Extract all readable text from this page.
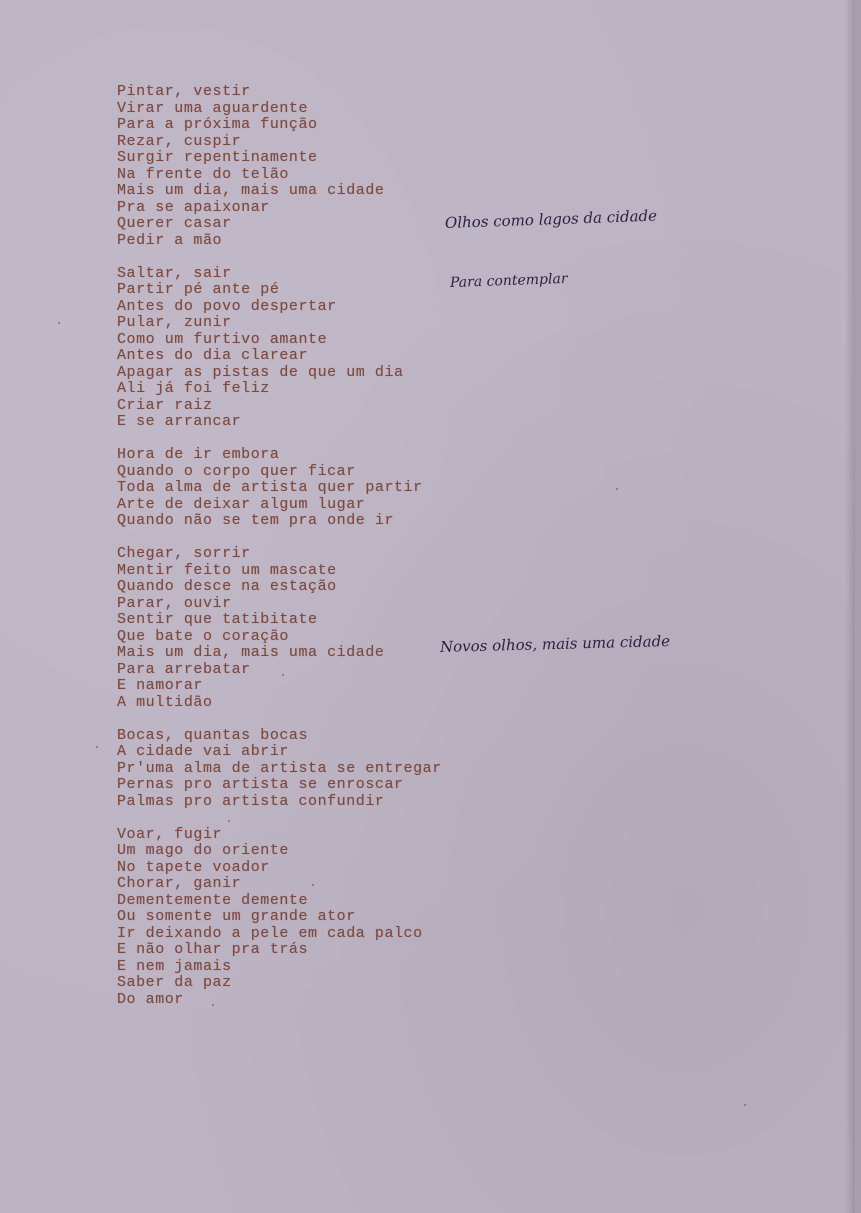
Pintar, vestir
Virar uma aguardente
Para a próxima função
Rezar, cuspir
Surgir repentinamente
Na frente do telão
Mais um dia, mais uma cidade
Pra se apaixonar
Querer casar
Pedir a mão
Saltar, sair
Partir pé ante pé
Antes do povo despertar
Pular, zunir
Como um furtivo amante
Antes do dia clarear
Apagar as pistas de que um dia
Ali já foi feliz
Criar raiz
E se arrancar
Hora de ir embora
Quando o corpo quer ficar
Toda alma de artista quer partir
Arte de deixar algum lugar
Quando não se tem pra onde ir
Chegar, sorrir
Mentir feito um mascate
Quando desce na estação
Parar, ouvir
Sentir que tatibitate
Que bate o coração
Mais um dia, mais uma cidade
Para arrebatar
E namorar
A multidão
Bocas, quantas bocas
A cidade vai abrir
Pr'uma alma de artista se entregar
Pernas pro artista se enroscar
Palmas pro artista confundir
Voar, fugir
Um mago do oriente
No tapete voador
Chorar, ganir
Dementemente demente
Ou somente um grande ator
Ir deixando a pele em cada palco
E não olhar pra trás
E nem jamais
Saber da paz
Do amor

Olhos como lagos da cidade

Para contemplar

Novos olhos, mais uma cidade
